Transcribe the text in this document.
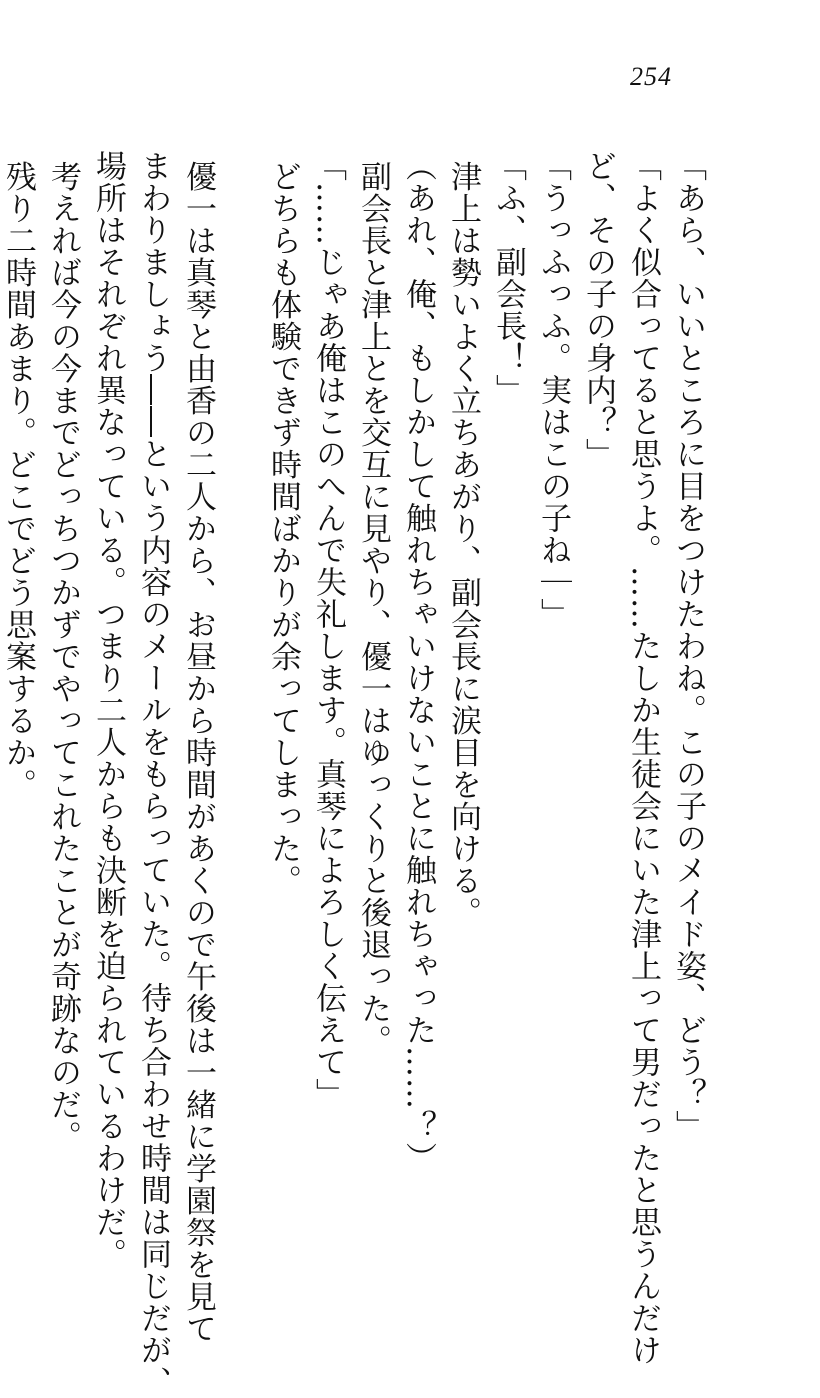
254
「あら、いいところに目をつけたわね。この子のメイド姿、どう？」
「よく似合ってると思うよ。……たしか生徒会にいた津上って男だったと思うんだけ
ど、その子の身内？」
「うっふっふ。実はこの子ね｜」
「ふ、副会長！」
津上は勢いよく立ちあがり、副会長に涙目を向ける。
（あれ、俺、もしかして触れちゃいけないことに触れちゃった……？）
副会長と津上とを交互に見やり、優一はゆっくりと後退った。
「……じゃあ俺はこのへんで失礼します。真琴によろしく伝えて」
どちらも体験できず時間ばかりが余ってしまった。
優一は真琴と由香の二人から、お昼から時間があくので午後は一緒に学園祭を見て
まわりましょう――という内容のメールをもらっていた。待ち合わせ時間は同じだが、
場所はそれぞれ異なっている。つまり二人からも決断を迫られているわけだ。
考えれば今の今までどっちつかずでやってこれたことが奇跡なのだ。
残り二時間あまり。どこでどう思案するか。
